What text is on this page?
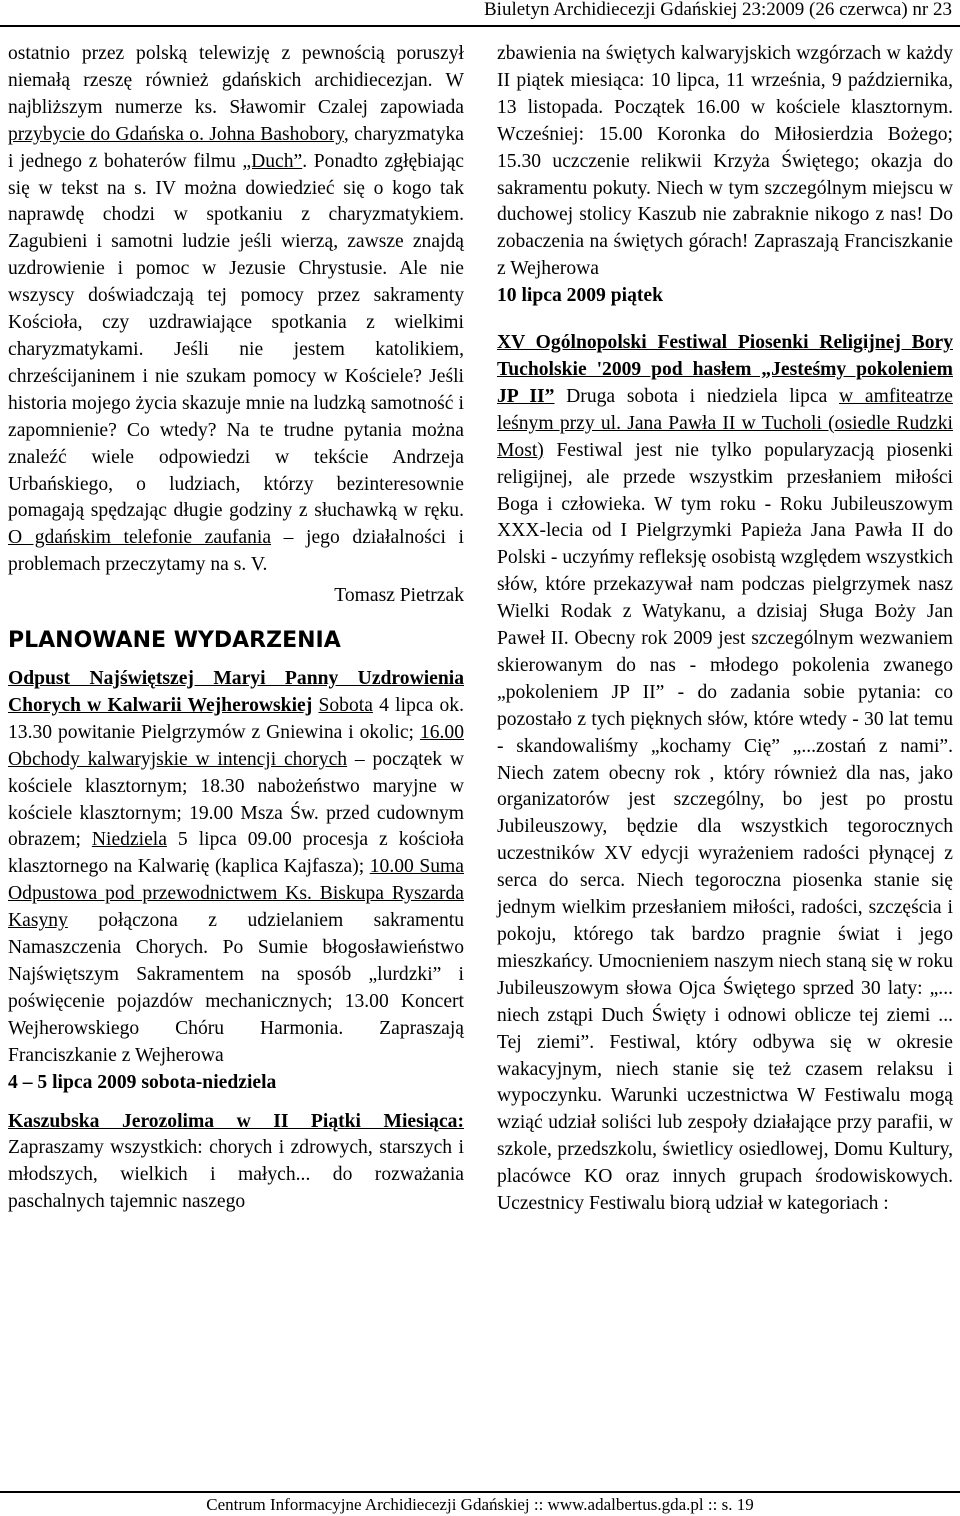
Biuletyn Archidiecezji Gdańskiej 23:2009 (26 czerwca) nr 23

ostatnio przez polską telewizję z pewnością poruszył niemałą rzeszę również gdańskich archidiecezjan. W najbliższym numerze ks. Sławomir Czalej zapowiada przybycie do Gdańska o. Johna Bashobory, charyzmatyka i jednego z bohaterów filmu „Duch”. Ponadto zgłębiając się w tekst na s. IV można dowiedzieć się o kogo tak naprawdę chodzi w spotkaniu z charyzmatykiem. Zagubieni i samotni ludzie jeśli wierzą, zawsze znajdą uzdrowienie i pomoc w Jezusie Chrystusie. Ale nie wszyscy doświadczają tej pomocy przez sakramenty Kościoła, czy uzdrawiające spotkania z wielkimi charyzmatykami. Jeśli nie jestem katolikiem, chrześcijaninem i nie szukam pomocy w Kościele? Jeśli historia mojego życia skazuje mnie na ludzką samotność i zapomnienie? Co wtedy? Na te trudne pytania można znaleźć wiele odpowiedzi w tekście Andrzeja Urbańskiego, o ludziach, którzy bezinteresownie pomagają spędzając długie godziny z słuchawką w ręku. O gdańskim telefonie zaufania – jego działalności i problemach przeczytamy na s. V.

Tomasz Pietrzak

PLANOWANE WYDARZENIA

Odpust Najświętszej Maryi Panny Uzdrowienia Chorych w Kalwarii Wejherowskiej Sobota 4 lipca ok. 13.30 powitanie Pielgrzymów z Gniewina i okolic; 16.00 Obchody kalwaryjskie w intencji chorych – początek w kościele klasztornym; 18.30 nabożeństwo maryjne w kościele klasztornym; 19.00 Msza Św. przed cudownym obrazem; Niedziela 5 lipca 09.00 procesja z kościoła klasztornego na Kalwarię (kaplica Kajfasza); 10.00 Suma Odpustowa pod przewodnictwem Ks. Biskupa Ryszarda Kasyny połączona z udzielaniem sakramentu Namaszczenia Chorych. Po Sumie błogosławieństwo Najświętszym Sakramentem na sposób „lurdzki” i poświęcenie pojazdów mechanicznych; 13.00 Koncert Wejherowskiego Chóru Harmonia. Zapraszają Franciszkanie z Wejherowa

4 – 5 lipca 2009 sobota-niedziela

Kaszubska Jerozolima w II Piątki Miesiąca: Zapraszamy wszystkich: chorych i zdrowych, starszych i młodszych, wielkich i małych... do rozważania paschalnych tajemnic naszego

zbawienia na świętych kalwaryjskich wzgórzach w każdy II piątek miesiąca: 10 lipca, 11 września, 9 października, 13 listopada. Początek 16.00 w kościele klasztornym. Wcześniej: 15.00 Koronka do Miłosierdzia Bożego; 15.30 uczczenie relikwii Krzyża Świętego; okazja do sakramentu pokuty. Niech w tym szczególnym miejscu w duchowej stolicy Kaszub nie zabraknie nikogo z nas! Do zobaczenia na świętych górach! Zapraszają Franciszkanie z Wejherowa

10 lipca 2009 piątek

XV Ogólnopolski Festiwal Piosenki Religijnej Bory Tucholskie '2009 pod hasłem „Jesteśmy pokoleniem JP II” Druga sobota i niedziela lipca w amfiteatrze leśnym przy ul. Jana Pawła II w Tucholi (osiedle Rudzki Most) Festiwal jest nie tylko popularyzacją piosenki religijnej, ale przede wszystkim przesłaniem miłości Boga i człowieka. W tym roku - Roku Jubileuszowym XXX-lecia od I Pielgrzymki Papieża Jana Pawła II do Polski - uczyńmy refleksję osobistą względem wszystkich słów, które przekazywał nam podczas pielgrzymek nasz Wielki Rodak z Watykanu, a dzisiaj Sługa Boży Jan Paweł II. Obecny rok 2009 jest szczególnym wezwaniem skierowanym do nas - młodego pokolenia zwanego „pokoleniem JP II” - do zadania sobie pytania: co pozostało z tych pięknych słów, które wtedy - 30 lat temu - skandowaliśmy „kochamy Cię” „...zostań z nami”. Niech zatem obecny rok , który również dla nas, jako organizatorów jest szczególny, bo jest po prostu Jubileuszowy, będzie dla wszystkich tegorocznych uczestników XV edycji wyrażeniem radości płynącej z serca do serca. Niech tegoroczna piosenka stanie się jednym wielkim przesłaniem miłości, radości, szczęścia i pokoju, którego tak bardzo pragnie świat i jego mieszkańcy. Umocnieniem naszym niech staną się w roku Jubileuszowym słowa Ojca Świętego sprzed 30 laty: „... niech zstąpi Duch Święty i odnowi oblicze tej ziemi ... Tej ziemi”. Festiwal, który odbywa się w okresie wakacyjnym, niech stanie się też czasem relaksu i wypoczynku. Warunki uczestnictwa W Festiwalu mogą wziąć udział soliści lub zespoły działające przy parafii, w szkole, przedszkolu, świetlicy osiedlowej, Domu Kultury, placówce KO oraz innych grupach środowiskowych. Uczestnicy Festiwalu biorą udział w kategoriach :

Centrum Informacyjne Archidiecezji Gdańskiej :: www.adalbertus.gda.pl :: s. 19
